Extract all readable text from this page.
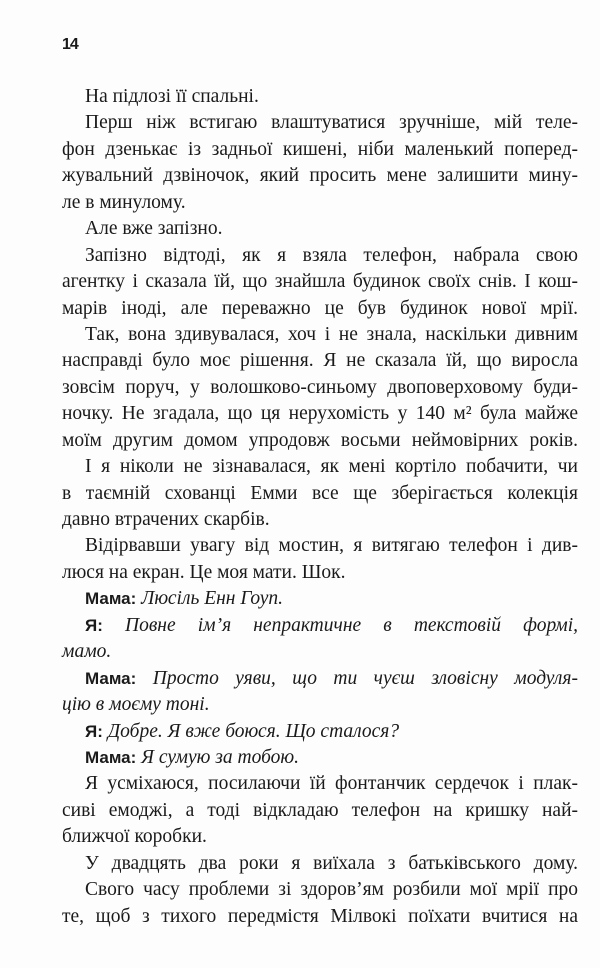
14
На підлозі її спальні.
Перш ніж встигаю влаштуватися зручніше, мій теле-
фон дзенькає із задньої кишені, ніби маленький поперед-
жувальний дзвіночок, який просить мене залишити мину-
ле в минулому.
Але вже запізно.
Запізно відтоді, як я взяла телефон, набрала свою
агентку і сказала їй, що знайшла будинок своїх снів. І кош-
марів іноді, але переважно це був будинок нової мрії.
Так, вона здивувалася, хоч і не знала, наскільки дивним
насправді було моє рішення. Я не сказала їй, що виросла
зовсім поруч, у волошково-синьому двоповерховому буди-
ночку. Не згадала, що ця нерухомість у 140 м² була майже
моїм другим домом упродовж восьми неймовірних років.
І я ніколи не зізнавалася, як мені кортіло побачити, чи
в таємній схованці Емми все ще зберігається колекція
давно втрачених скарбів.
Відірвавши увагу від мостин, я витягаю телефон і див-
люся на екран. Це моя мати. Шок.
Мама: Люсіль Енн Гоуп.
Я: Повне ім’я непрактичне в текстовій формі,
мамо.
Мама: Просто уяви, що ти чуєш зловісну модуля-
цію в моєму тоні.
Я: Добре. Я вже боюся. Що сталося?
Мама: Я сумую за тобою.
Я усміхаюся, посилаючи їй фонтанчик сердечок і плак-
сиві емоджі, а тоді відкладаю телефон на кришку най-
ближчої коробки.
У двадцять два роки я виїхала з батьківського дому.
Свого часу проблеми зі здоров’ям розбили мої мрії про
те, щоб з тихого передмістя Мілвокі поїхати вчитися на
